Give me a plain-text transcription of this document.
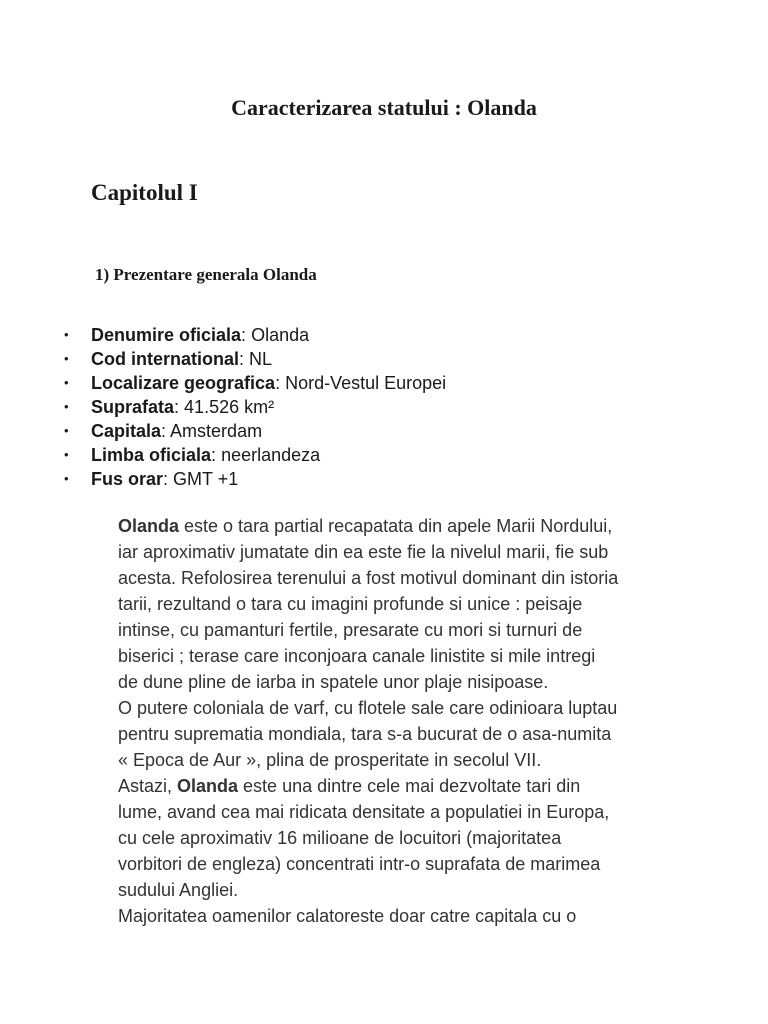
Caracterizarea statului : Olanda
Capitolul I
1) Prezentare generala Olanda
• Denumire oficiala: Olanda
• Cod international: NL
• Localizare geografica: Nord-Vestul Europei
• Suprafata: 41.526 km²
• Capitala: Amsterdam
• Limba oficiala: neerlandeza
• Fus orar: GMT +1

Olanda este o tara partial recapatata din apele Marii Nordului,
iar aproximativ jumatate din ea este fie la nivelul marii, fie sub
acesta. Refolosirea terenului a fost motivul dominant din istoria
tarii, rezultand o tara cu imagini profunde si unice : peisaje
intinse, cu pamanturi fertile, presarate cu mori si turnuri de
biserici ; terase care inconjoara canale linistite si mile intregi
de dune pline de iarba in spatele unor plaje nisipoase.
O putere coloniala de varf, cu flotele sale care odinioara luptau
pentru suprematia mondiala, tara s-a bucurat de o asa-numita
« Epoca de Aur », plina de prosperitate in secolul VII.
Astazi, Olanda este una dintre cele mai dezvoltate tari din
lume, avand cea mai ridicata densitate a populatiei in Europa,
cu cele aproximativ 16 milioane de locuitori (majoritatea
vorbitori de engleza) concentrati intr-o suprafata de marimea
sudului Angliei.
Majoritatea oamenilor calatoreste doar catre capitala cu o
